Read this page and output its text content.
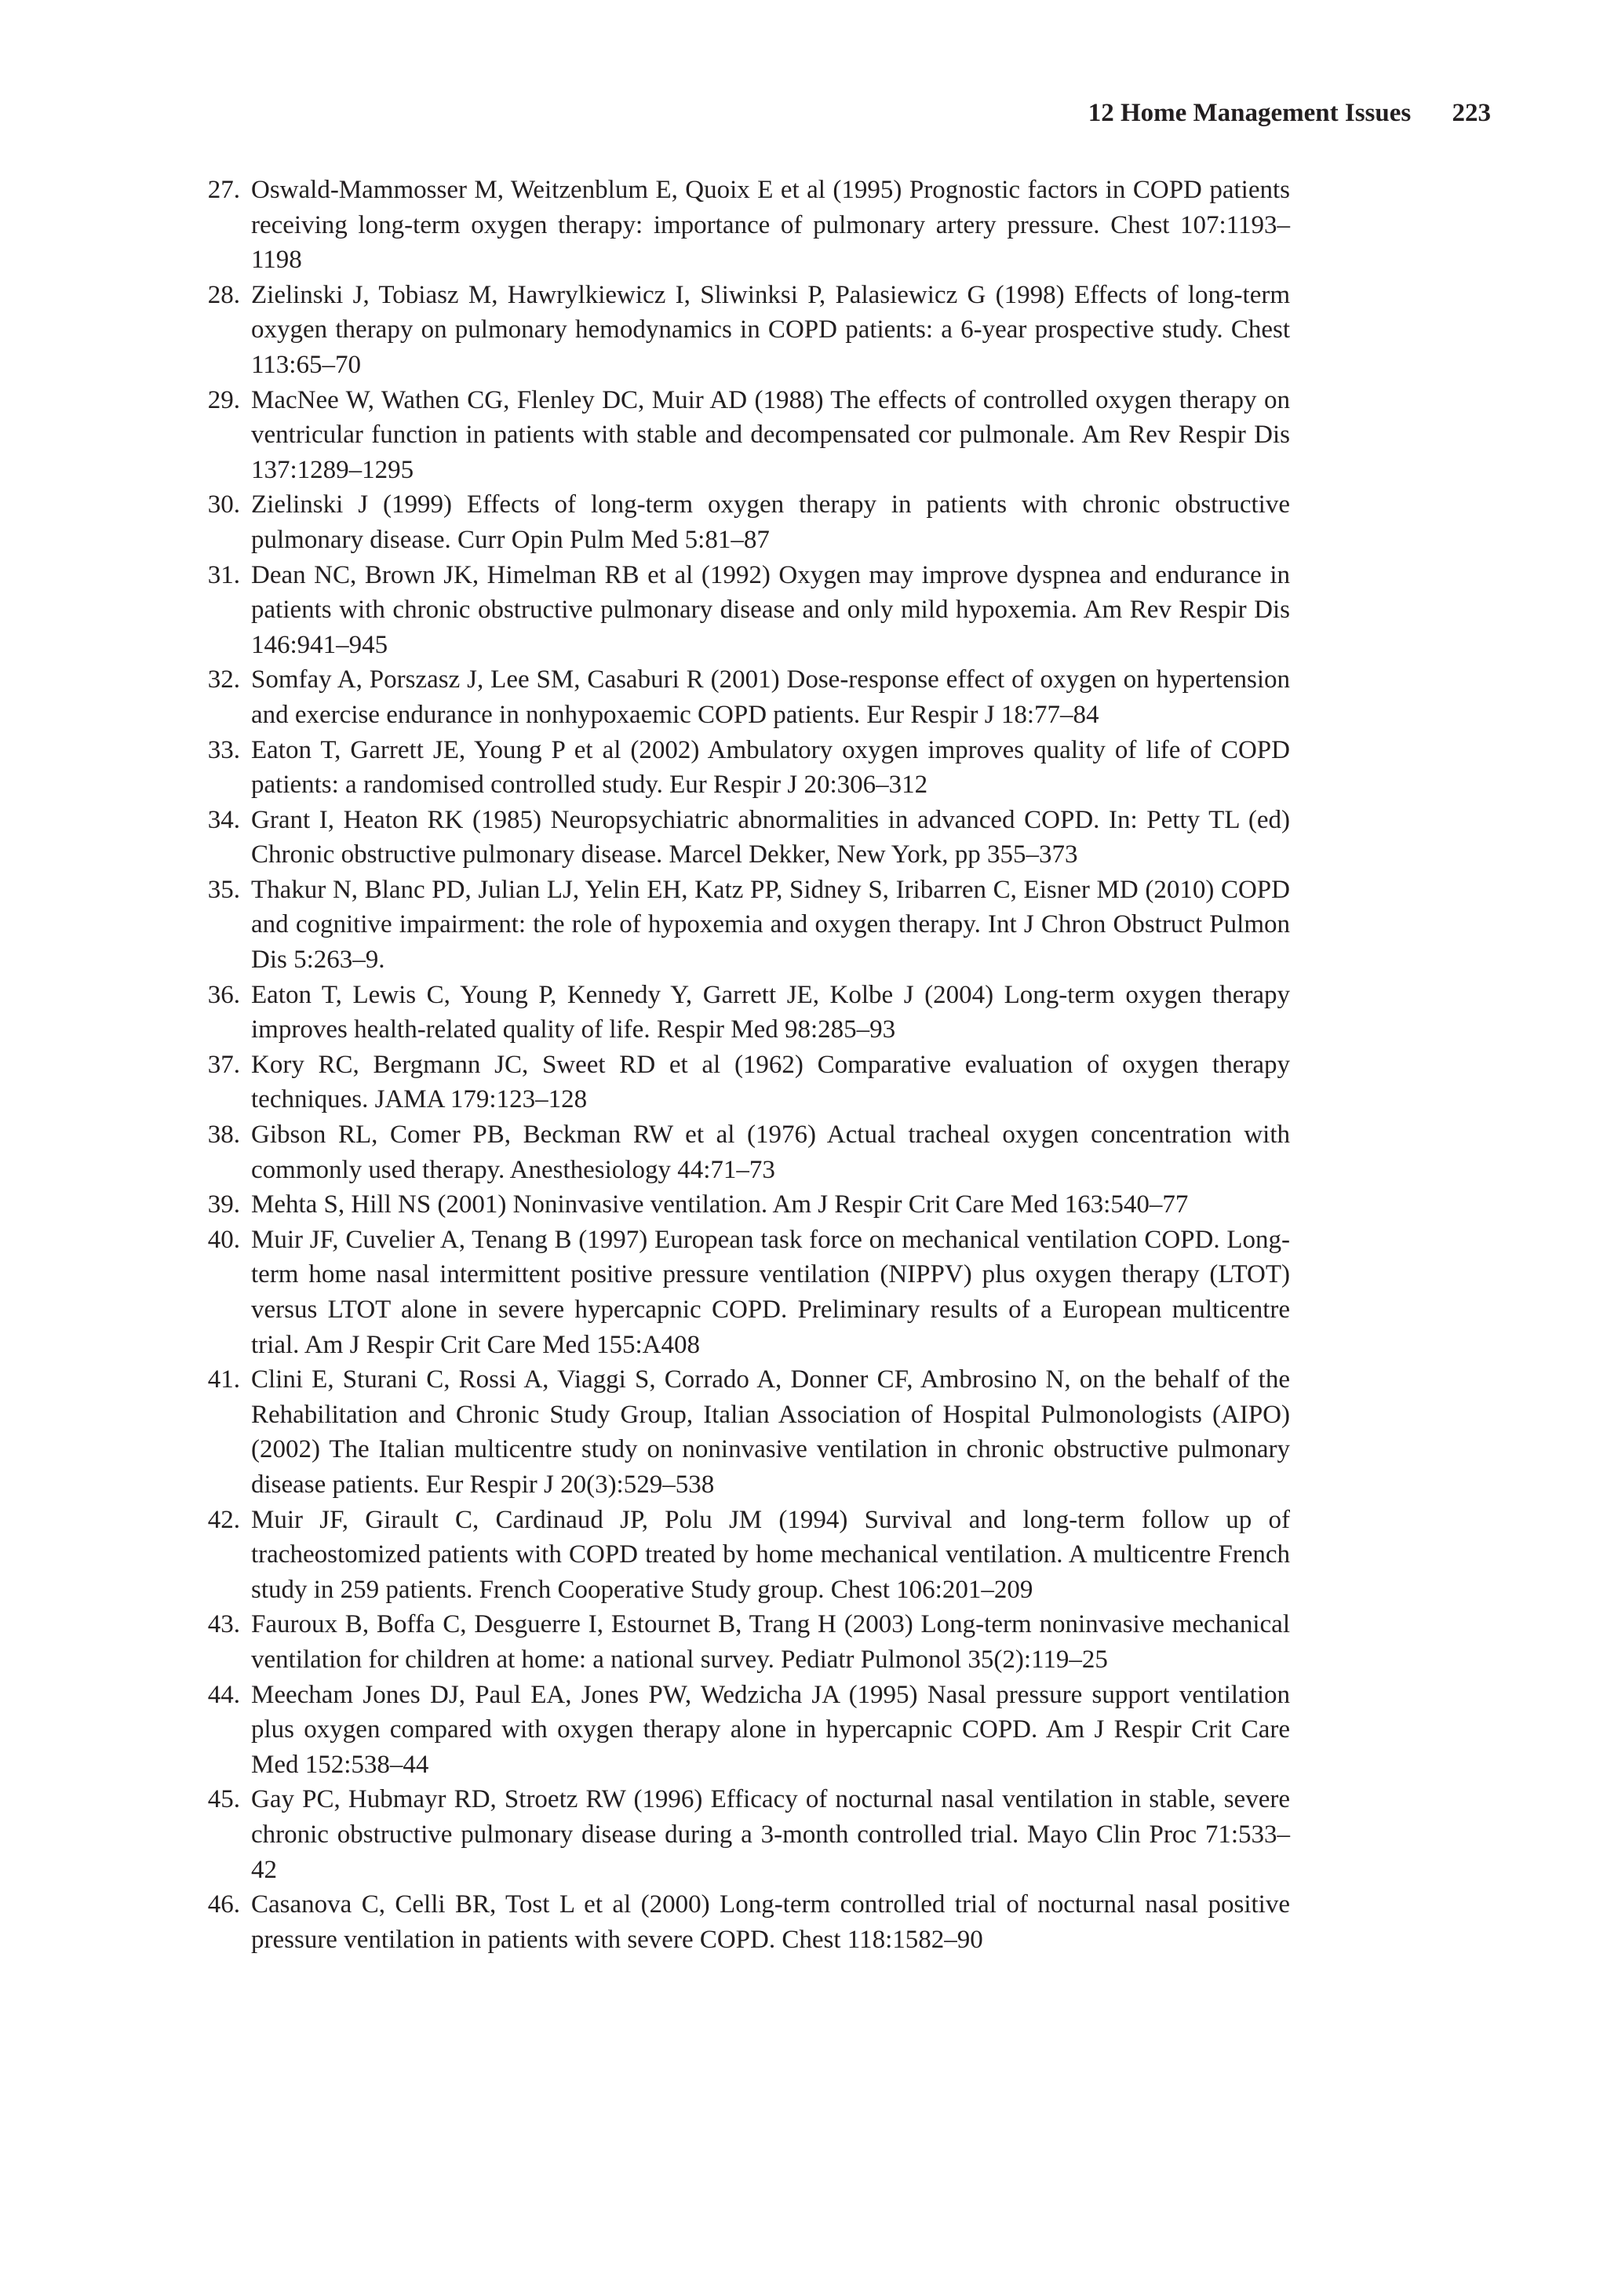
12 Home Management Issues 223
27. Oswald-Mammosser M, Weitzenblum E, Quoix E et al (1995) Prognostic factors in COPD patients receiving long-term oxygen therapy: importance of pulmonary artery pressure. Chest 107:1193–1198
28. Zielinski J, Tobiasz M, Hawrylkiewicz I, Sliwinksi P, Palasiewicz G (1998) Effects of long-term oxygen therapy on pulmonary hemodynamics in COPD patients: a 6-year prospective study. Chest 113:65–70
29. MacNee W, Wathen CG, Flenley DC, Muir AD (1988) The effects of controlled oxygen therapy on ventricular function in patients with stable and decompensated cor pulmonale. Am Rev Respir Dis 137:1289–1295
30. Zielinski J (1999) Effects of long-term oxygen therapy in patients with chronic obstructive pulmonary disease. Curr Opin Pulm Med 5:81–87
31. Dean NC, Brown JK, Himelman RB et al (1992) Oxygen may improve dyspnea and endurance in patients with chronic obstructive pulmonary disease and only mild hypoxemia. Am Rev Respir Dis 146:941–945
32. Somfay A, Porszasz J, Lee SM, Casaburi R (2001) Dose-response effect of oxygen on hypertension and exercise endurance in nonhypoxaemic COPD patients. Eur Respir J 18:77–84
33. Eaton T, Garrett JE, Young P et al (2002) Ambulatory oxygen improves quality of life of COPD patients: a randomised controlled study. Eur Respir J 20:306–312
34. Grant I, Heaton RK (1985) Neuropsychiatric abnormalities in advanced COPD. In: Petty TL (ed) Chronic obstructive pulmonary disease. Marcel Dekker, New York, pp 355–373
35. Thakur N, Blanc PD, Julian LJ, Yelin EH, Katz PP, Sidney S, Iribarren C, Eisner MD (2010) COPD and cognitive impairment: the role of hypoxemia and oxygen therapy. Int J Chron Obstruct Pulmon Dis 5:263–9.
36. Eaton T, Lewis C, Young P, Kennedy Y, Garrett JE, Kolbe J (2004) Long-term oxygen therapy improves health-related quality of life. Respir Med 98:285–93
37. Kory RC, Bergmann JC, Sweet RD et al (1962) Comparative evaluation of oxygen therapy techniques. JAMA 179:123–128
38. Gibson RL, Comer PB, Beckman RW et al (1976) Actual tracheal oxygen concentration with commonly used therapy. Anesthesiology 44:71–73
39. Mehta S, Hill NS (2001) Noninvasive ventilation. Am J Respir Crit Care Med 163:540–77
40. Muir JF, Cuvelier A, Tenang B (1997) European task force on mechanical ventilation COPD. Long-term home nasal intermittent positive pressure ventilation (NIPPV) plus oxygen therapy (LTOT) versus LTOT alone in severe hypercapnic COPD. Preliminary results of a European multicentre trial. Am J Respir Crit Care Med 155:A408
41. Clini E, Sturani C, Rossi A, Viaggi S, Corrado A, Donner CF, Ambrosino N, on the behalf of the Rehabilitation and Chronic Study Group, Italian Association of Hospital Pulmonologists (AIPO) (2002) The Italian multicentre study on noninvasive ventilation in chronic obstructive pulmonary disease patients. Eur Respir J 20(3):529–538
42. Muir JF, Girault C, Cardinaud JP, Polu JM (1994) Survival and long-term follow up of tracheostomized patients with COPD treated by home mechanical ventilation. A multicentre French study in 259 patients. French Cooperative Study group. Chest 106:201–209
43. Fauroux B, Boffa C, Desguerre I, Estournet B, Trang H (2003) Long-term noninvasive mechanical ventilation for children at home: a national survey. Pediatr Pulmonol 35(2):119–25
44. Meecham Jones DJ, Paul EA, Jones PW, Wedzicha JA (1995) Nasal pressure support ventilation plus oxygen compared with oxygen therapy alone in hypercapnic COPD. Am J Respir Crit Care Med 152:538–44
45. Gay PC, Hubmayr RD, Stroetz RW (1996) Efficacy of nocturnal nasal ventilation in stable, severe chronic obstructive pulmonary disease during a 3-month controlled trial. Mayo Clin Proc 71:533–42
46. Casanova C, Celli BR, Tost L et al (2000) Long-term controlled trial of nocturnal nasal positive pressure ventilation in patients with severe COPD. Chest 118:1582–90
